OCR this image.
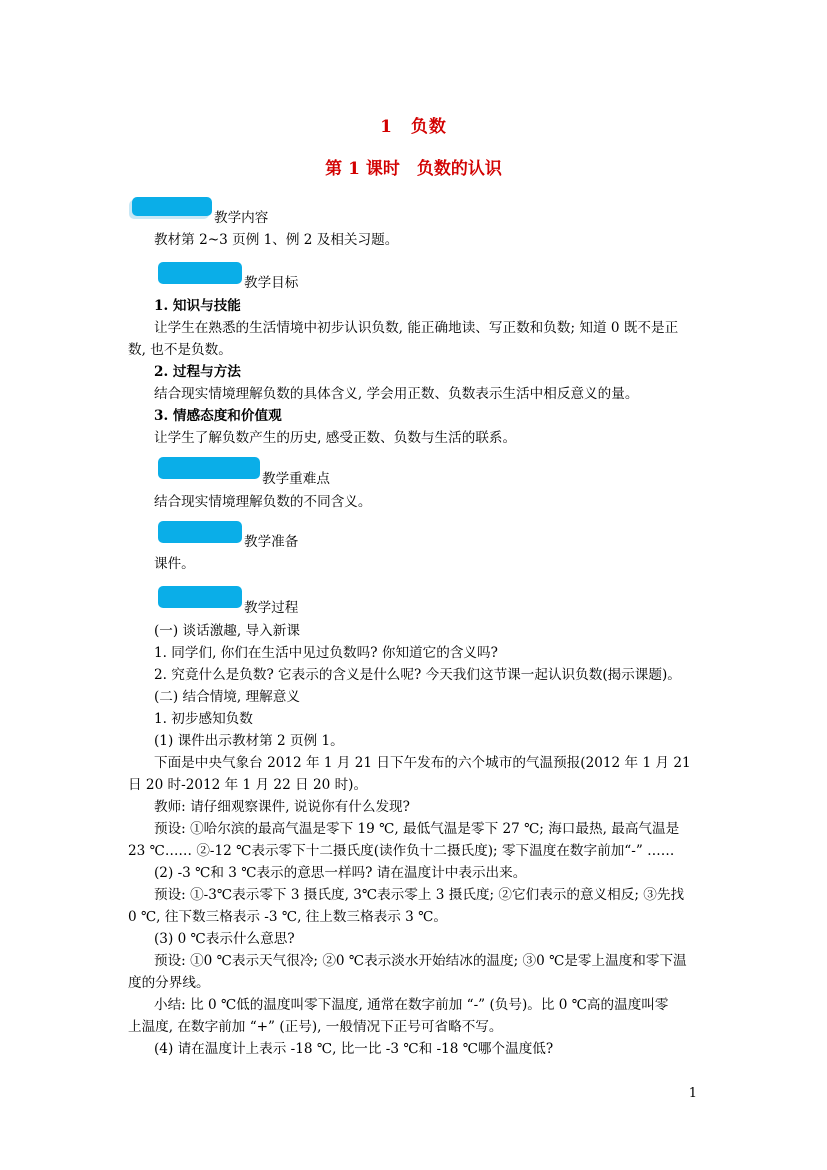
1　负数
第 1 课时　负数的认识
教学内容
教材第 2~3 页例 1、例 2 及相关习题。
教学目标
1. 知识与技能
让学生在熟悉的生活情境中初步认识负数, 能正确地读、写正数和负数; 知道 0 既不是正
数, 也不是负数。
2. 过程与方法
结合现实情境理解负数的具体含义, 学会用正数、负数表示生活中相反意义的量。
3. 情感态度和价值观
让学生了解负数产生的历史, 感受正数、负数与生活的联系。
教学重难点
结合现实情境理解负数的不同含义。
教学准备
课件。
教学过程
(一) 谈话激趣, 导入新课
1. 同学们, 你们在生活中见过负数吗? 你知道它的含义吗?
2. 究竟什么是负数? 它表示的含义是什么呢? 今天我们这节课一起认识负数(揭示课题)。
(二) 结合情境, 理解意义
1. 初步感知负数
(1) 课件出示教材第 2 页例 1。
下面是中央气象台 2012 年 1 月 21 日下午发布的六个城市的气温预报(2012 年 1 月 21
日 20 时-2012 年 1 月 22 日 20 时)。
教师: 请仔细观察课件, 说说你有什么发现?
预设: ①哈尔滨的最高气温是零下 19 ℃, 最低气温是零下 27 ℃; 海口最热, 最高气温是
23 ℃…… ②-12 ℃表示零下十二摄氏度(读作负十二摄氏度); 零下温度在数字前加“-” ……
(2) -3 ℃和 3 ℃表示的意思一样吗? 请在温度计中表示出来。
预设: ①-3℃表示零下 3 摄氏度, 3℃表示零上 3 摄氏度; ②它们表示的意义相反; ③先找
0 ℃, 往下数三格表示 -3 ℃, 往上数三格表示 3 ℃。
(3) 0 ℃表示什么意思?
预设: ①0 ℃表示天气很冷; ②0 ℃表示淡水开始结冰的温度; ③0 ℃是零上温度和零下温
度的分界线。
小结: 比 0 ℃低的温度叫零下温度, 通常在数字前加 “-” (负号)。比 0 ℃高的温度叫零
上温度, 在数字前加 “+” (正号), 一般情况下正号可省略不写。
(4) 请在温度计上表示 -18 ℃, 比一比 -3 ℃和 -18 ℃哪个温度低?
1
